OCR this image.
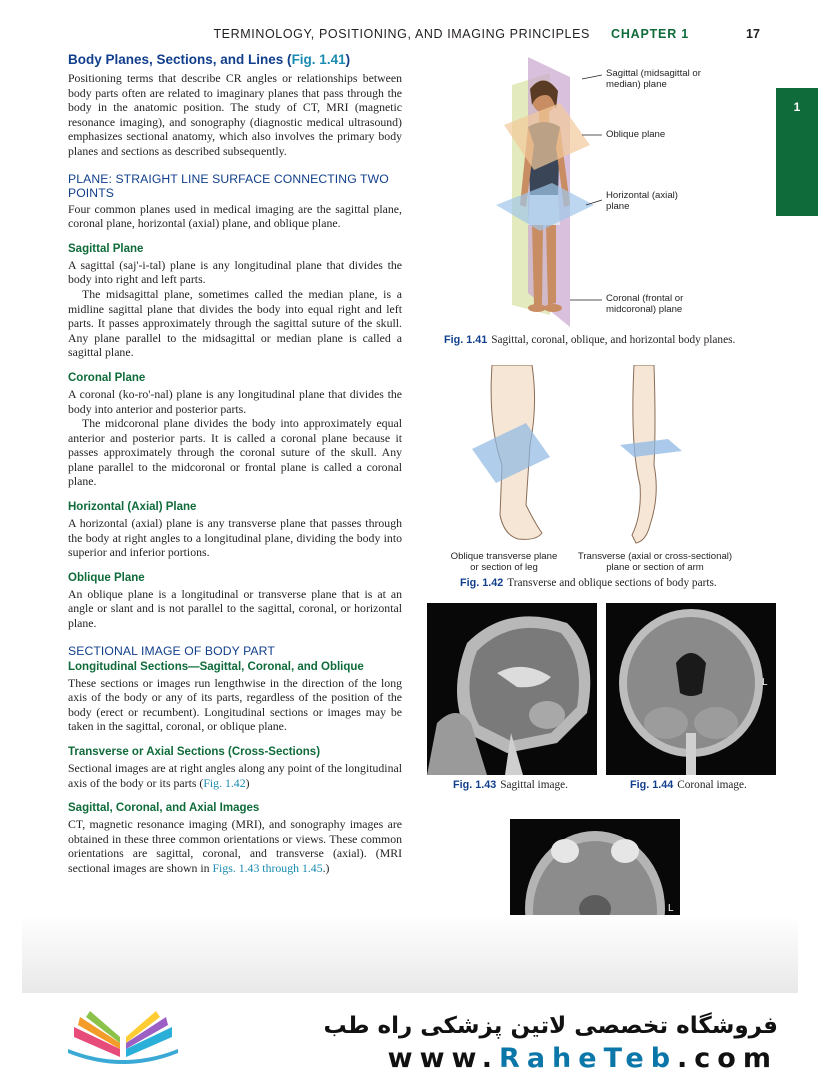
TERMINOLOGY, POSITIONING, AND IMAGING PRINCIPLES CHAPTER 1	17
1
Body Planes, Sections, and Lines (Fig. 1.41)

Positioning terms that describe CR angles or relationships between body parts often are related to imaginary planes that pass through the body in the anatomic position. The study of CT, MRI (magnetic resonance imaging), and sonography (diagnostic medical ultrasound) emphasizes sectional anatomy, which also involves the primary body planes and sections as described subsequently.

PLANE: STRAIGHT LINE SURFACE CONNECTING TWO POINTS

Four common planes used in medical imaging are the sagittal plane, coronal plane, horizontal (axial) plane, and oblique plane.

Sagittal Plane

A sagittal (saj'-i-tal) plane is any longitudinal plane that divides the body into right and left parts.

The midsagittal plane, sometimes called the median plane, is a midline sagittal plane that divides the body into equal right and left parts. It passes approximately through the sagittal suture of the skull. Any plane parallel to the midsagittal or median plane is called a sagittal plane.

Coronal Plane

A coronal (ko-ro'-nal) plane is any longitudinal plane that divides the body into anterior and posterior parts.

The midcoronal plane divides the body into approximately equal anterior and posterior parts. It is called a coronal plane because it passes approximately through the coronal suture of the skull. Any plane parallel to the midcoronal or frontal plane is called a coronal plane.

Horizontal (Axial) Plane

A horizontal (axial) plane is any transverse plane that passes through the body at right angles to a longitudinal plane, dividing the body into superior and inferior portions.

Oblique Plane

An oblique plane is a longitudinal or transverse plane that is at an angle or slant and is not parallel to the sagittal, coronal, or horizontal plane.

SECTIONAL IMAGE OF BODY PART
Longitudinal Sections—Sagittal, Coronal, and Oblique

These sections or images run lengthwise in the direction of the long axis of the body or any of its parts, regardless of the position of the body (erect or recumbent). Longitudinal sections or images may be taken in the sagittal, coronal, or oblique plane.

Transverse or Axial Sections (Cross-Sections)

Sectional images are at right angles along any point of the longitudinal axis of the body or its parts (Fig. 1.42)

Sagittal, Coronal, and Axial Images

CT, magnetic resonance imaging (MRI), and sonography images are obtained in these three common orientations or views. These common orientations are sagittal, coronal, and transverse (axial). (MRI sectional images are shown in Figs. 1.43 through 1.45.)

Sagittal (midsagittal or median) plane
Oblique plane
Horizontal (axial) plane
Coronal (frontal or midcoronal) plane
Fig. 1.41 Sagittal, coronal, oblique, and horizontal body planes.
Oblique transverse plane or section of leg
Transverse (axial or cross-sectional) plane or section of arm
Fig. 1.42 Transverse and oblique sections of body parts.
L
Fig. 1.43 Sagittal image.	Fig. 1.44 Coronal image.
L
فروشگاه تخصصی لاتین پزشکی راه طب
www.RaheTeb.com
